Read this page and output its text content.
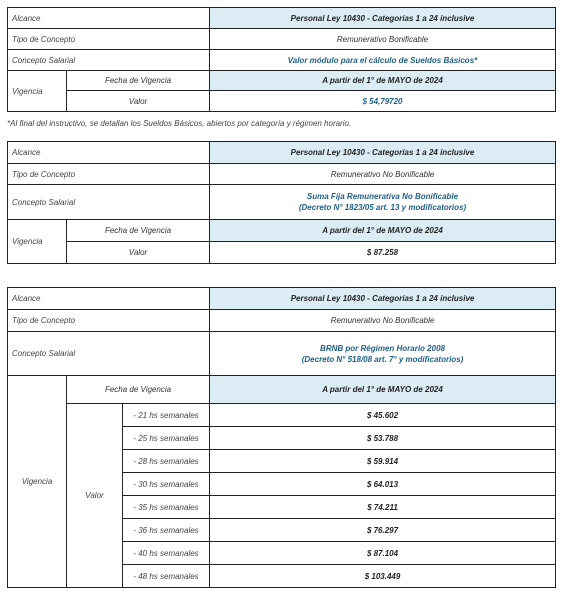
Alcance		Personal Ley 10430 - Categorías 1 a 24 inclusive
Tipo de Concepto		Remunerativo Bonificable
Concepto Salarial		Valor módulo para el cálculo de Sueldos Básicos*
Vigencia	Fecha de Vigencia	A partir del 1° de MAYO de 2024
	Valor	$ 54,79720
*Al final del instructivo, se detallan los Sueldos Básicos, abiertos por categoría y régimen horario.
Alcance		Personal Ley 10430 - Categorías 1 a 24 inclusive
Tipo de Concepto		Remunerativo No Bonificable
Concepto Salarial		Suma Fija Remunerativa No Bonificable
(Decreto N° 1823/05 art. 13 y modificatorios)

Vigencia	Fecha de Vigencia	A partir del 1° de MAYO de 2024
	Valor	$ 87.258
Alcance			Personal Ley 10430 - Categorías 1 a 24 inclusive
Tipo de Concepto			Remunerativo No Bonificable
Concepto Salarial			BRNB por Régimen Horario 2008
(Decreto N° 518/08 art. 7° y modificatorios)

Vigencia	Fecha de Vigencia		A partir del 1° de MAYO de 2024
	Valor	- 21 hs semanales	$ 45.602
		- 25 hs semanales	$ 53.788
		- 28 hs semanales	$ 59.914
		- 30 hs semanales	$ 64.013
		- 35 hs semanales	$ 74.211
		- 36 hs semanales	$ 76.297
		- 40 hs semanales	$ 87.104
		- 48 hs semanales	$ 103.449
